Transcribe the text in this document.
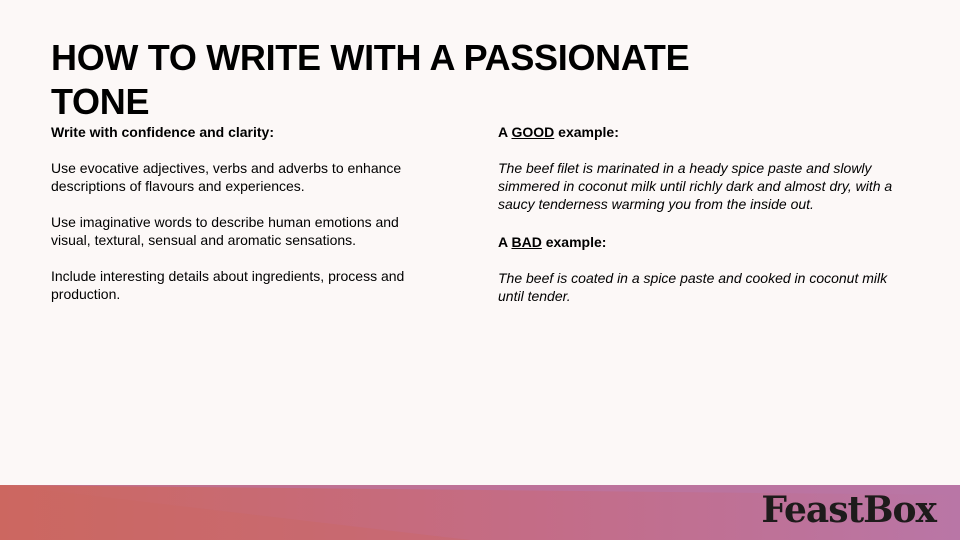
HOW TO WRITE WITH A PASSIONATE TONE

Write with confidence and clarity:

Use evocative adjectives, verbs and adverbs to enhance descriptions of flavours and experiences.

Use imaginative words to describe human emotions and visual, textural, sensual and aromatic sensations.

Include interesting details about ingredients, process and production.

A GOOD example:

The beef filet is marinated in a heady spice paste and slowly simmered in coconut milk until richly dark and almost dry, with a saucy tenderness warming you from the inside out.

A BAD example:

The beef is coated in a spice paste and cooked in coconut milk until tender.

FeastBox
